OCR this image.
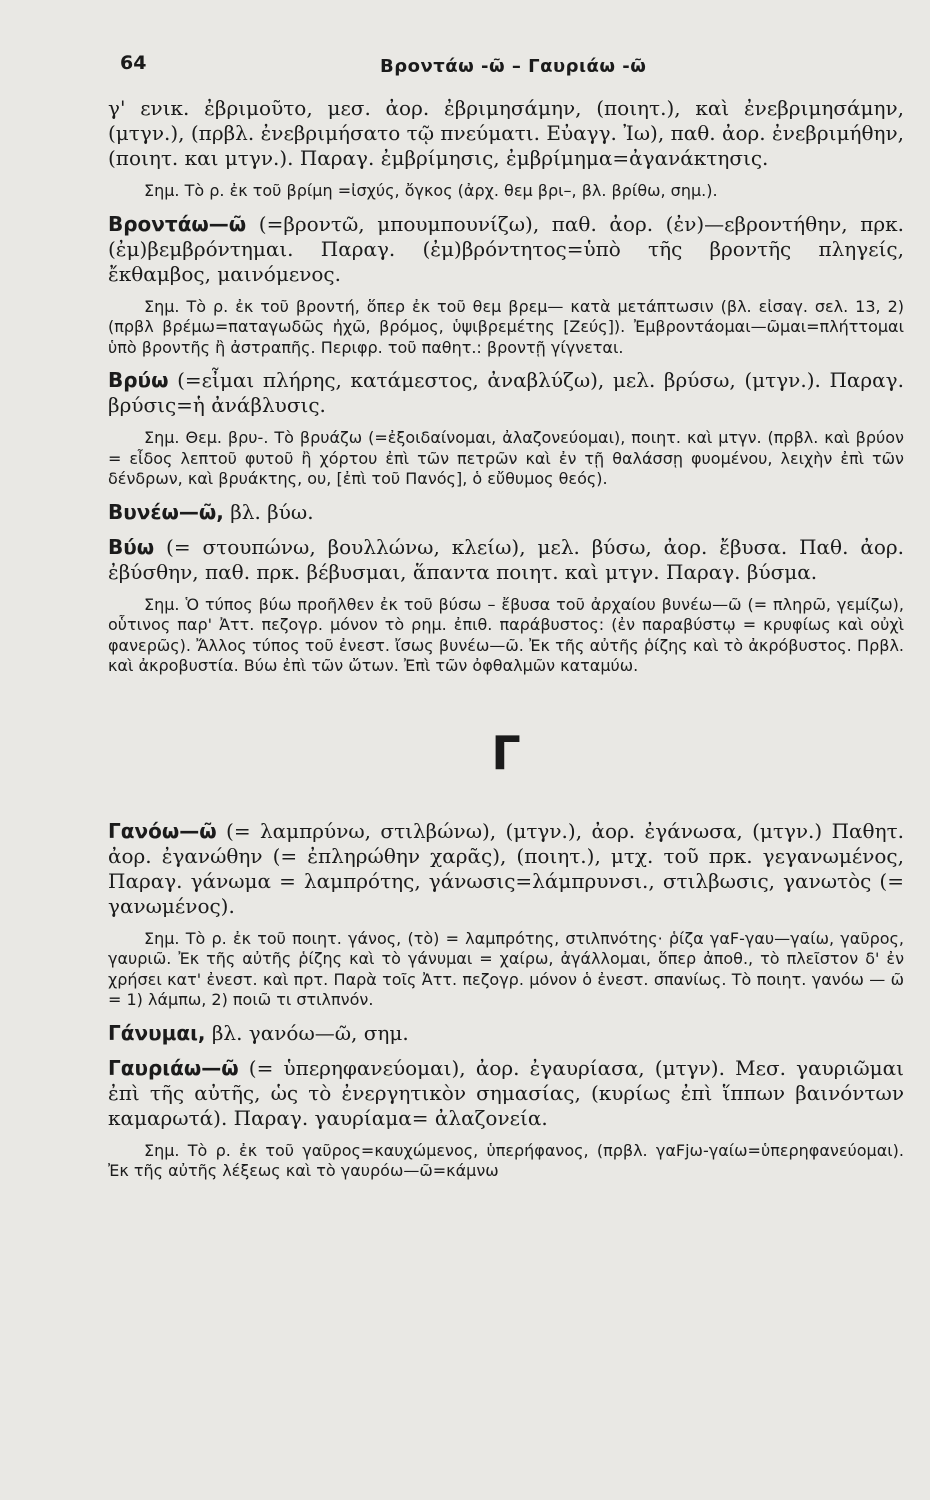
64	Βροντάω -ῶ – Γαυριάω -ῶ

γ' ενικ. ἐβριμοῦτο, μεσ. ἀορ. ἐβριμησάμην, (ποιητ.), καὶ ἐνεβριμησάμην, (μτγν.), (πρβλ. ἐνεβριμήσατο τῷ πνεύματι. Εὐαγγ. Ἰω), παθ. ἀορ. ἐνεβριμήθην, (ποιητ. και μτγν.). Παραγ. ἐμβρίμησις, ἐμβρίμημα=ἀγανάκτησις.

Σημ. Τὸ ρ. ἐκ τοῦ βρίμη =ἰσχύς, ὄγκος (ἀρχ. θεμ βρι–, βλ. βρίθω, σημ.).

Βροντάω—ῶ (=βροντῶ, μπουμπουνίζω), παθ. ἀορ. (ἐν)—εβροντήθην, πρκ. (ἐμ)βεμβρόντημαι. Παραγ. (ἐμ)βρόντητος=ὑπὸ τῆς βροντῆς πληγείς, ἔκθαμβος, μαινόμενος.

Σημ. Τὸ ρ. ἐκ τοῦ βροντή, ὅπερ ἐκ τοῦ θεμ βρεμ— κατὰ μετάπτωσιν (βλ. εἰσαγ. σελ. 13, 2) (πρβλ βρέμω=παταγωδῶς ἠχῶ, βρόμος, ὑψιβρεμέτης [Ζεύς]). Ἐμβροντάομαι—ῶμαι=πλήττομαι ὑπὸ βροντῆς ἢ ἀστραπῆς. Περιφρ. τοῦ παθητ.: βροντῇ γίγνεται.

Βρύω (=εἶμαι πλήρης, κατάμεστος, ἀναβλύζω), μελ. βρύσω, (μτγν.). Παραγ. βρύσις=ἡ ἀνάβλυσις.

Σημ. Θεμ. βρυ-. Τὸ βρυάζω (=ἐξοιδαίνομαι, ἀλαζονεύομαι), ποιητ. καὶ μτγν. (πρβλ. καὶ βρύον = εἶδος λεπτοῦ φυτοῦ ἢ χόρτου ἐπὶ τῶν πετρῶν καὶ ἐν τῇ θαλάσσῃ φυομένου, λειχὴν ἐπὶ τῶν δένδρων, καὶ βρυάκτης, ου, [ἐπὶ τοῦ Πανός], ὁ εὔθυμος θεός).

Βυνέω—ῶ, βλ. βύω.

Βύω (= στουπώνω, βουλλώνω, κλείω), μελ. βύσω, ἀορ. ἔβυσα. Παθ. ἀορ. ἐβύσθην, παθ. πρκ. βέβυσμαι, ἅπαντα ποιητ. καὶ μτγν. Παραγ. βύσμα.

Σημ. Ὁ τύπος βύω προῆλθεν ἐκ τοῦ βύσω – ἔβυσα τοῦ ἀρχαίου βυνέω—ῶ (= πληρῶ, γεμίζω), οὗτινος παρ' Ἀττ. πεζογρ. μόνον τὸ ρημ. ἐπιθ. παράβυστος: (ἐν παραβύστῳ = κρυφίως καὶ οὐχὶ φανερῶς). Ἄλλος τύπος τοῦ ἐνεστ. ἴσως βυνέω—ῶ. Ἐκ τῆς αὐτῆς ῥίζης καὶ τὸ ἀκρόβυστος. Πρβλ. καὶ ἀκροβυστία. Βύω ἐπὶ τῶν ὤτων. Ἐπὶ τῶν ὀφθαλμῶν καταμύω.

Γ

Γανόω—ῶ (= λαμπρύνω, στιλβώνω), (μτγν.), ἀορ. ἐγάνωσα, (μτγν.) Παθητ. ἀορ. ἐγανώθην (= ἐπληρώθην χαρᾶς), (ποιητ.), μτχ. τοῦ πρκ. γεγανωμένος, Παραγ. γάνωμα = λαμπρότης, γάνωσις=λάμπρυνσι., στιλβωσις, γανωτὸς (= γανωμένος).

Σημ. Τὸ ρ. ἐκ τοῦ ποιητ. γάνος, (τὸ) = λαμπρότης, στιλπνότης· ῥίζα γαϜ-γαυ—γαίω, γαῦρος, γαυριῶ. Ἐκ τῆς αὐτῆς ῥίζης καὶ τὸ γάνυμαι = χαίρω, ἀγάλλομαι, ὅπερ ἀποθ., τὸ πλεῖστον δ' ἐν χρήσει κατ' ἐνεστ. καὶ πρτ. Παρὰ τοῖς Ἀττ. πεζογρ. μόνον ὁ ἐνεστ. σπανίως. Τὸ ποιητ. γανόω — ῶ = 1) λάμπω, 2) ποιῶ τι στιλπνόν.

Γάνυμαι, βλ. γανόω—ῶ, σημ.

Γαυριάω—ῶ (= ὑπερηφανεύομαι), ἀορ. ἐγαυρίασα, (μτγν). Μεσ. γαυριῶμαι ἐπὶ τῆς αὐτῆς, ὡς τὸ ἐνεργητικὸν σημασίας, (κυρίως ἐπὶ ἵππων βαινόντων καμαρωτά). Παραγ. γαυρίαμα= ἀλαζονεία.

Σημ. Τὸ ρ. ἐκ τοῦ γαῦρος=καυχώμενος, ὑπερήφανος, (πρβλ. γαϜjω-γαίω=ὑπερηφανεύομαι). Ἐκ τῆς αὐτῆς λέξεως καὶ τὸ γαυρόω—ῶ=κάμνω
